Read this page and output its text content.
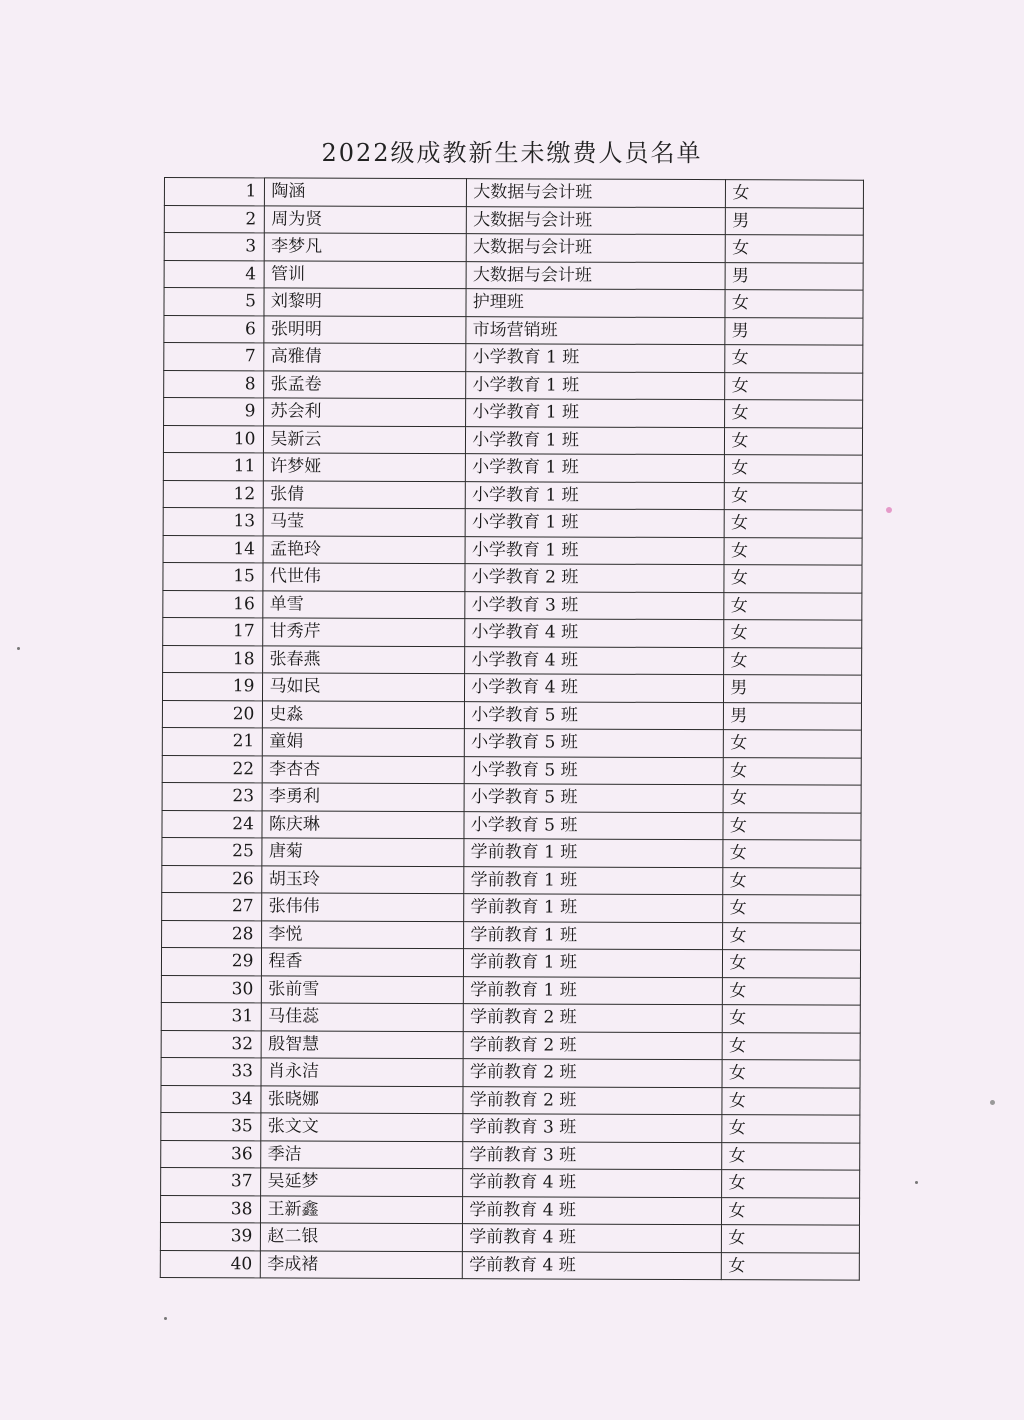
2022级成教新生未缴费人员名单
1	陶涵	大数据与会计班	女
2	周为贤	大数据与会计班	男
3	李梦凡	大数据与会计班	女
4	管训	大数据与会计班	男
5	刘黎明	护理班	女
6	张明明	市场营销班	男
7	高雅倩	小学教育 1 班	女
8	张孟卷	小学教育 1 班	女
9	苏会利	小学教育 1 班	女
10	吴新云	小学教育 1 班	女
11	许梦娅	小学教育 1 班	女
12	张倩	小学教育 1 班	女
13	马莹	小学教育 1 班	女
14	孟艳玲	小学教育 1 班	女
15	代世伟	小学教育 2 班	女
16	单雪	小学教育 3 班	女
17	甘秀芹	小学教育 4 班	女
18	张春燕	小学教育 4 班	女
19	马如民	小学教育 4 班	男
20	史淼	小学教育 5 班	男
21	童娟	小学教育 5 班	女
22	李杏杏	小学教育 5 班	女
23	李勇利	小学教育 5 班	女
24	陈庆琳	小学教育 5 班	女
25	唐菊	学前教育 1 班	女
26	胡玉玲	学前教育 1 班	女
27	张伟伟	学前教育 1 班	女
28	李悦	学前教育 1 班	女
29	程香	学前教育 1 班	女
30	张前雪	学前教育 1 班	女
31	马佳蕊	学前教育 2 班	女
32	殷智慧	学前教育 2 班	女
33	肖永洁	学前教育 2 班	女
34	张晓娜	学前教育 2 班	女
35	张文文	学前教育 3 班	女
36	季洁	学前教育 3 班	女
37	吴延梦	学前教育 4 班	女
38	王新鑫	学前教育 4 班	女
39	赵二银	学前教育 4 班	女
40	李成褚	学前教育 4 班	女
